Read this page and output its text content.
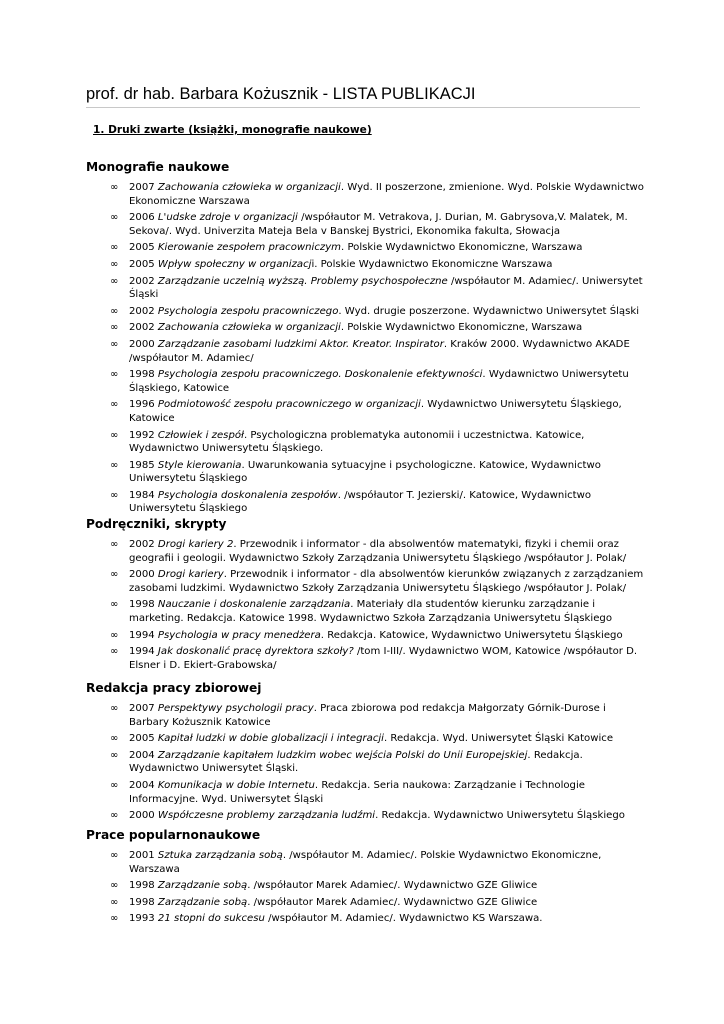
prof. dr hab. Barbara Kożusznik - LISTA PUBLIKACJI
1. Druki zwarte (książki, monografie naukowe)
Monografie naukowe
∞ 2007 Zachowania człowieka w organizacji. Wyd. II poszerzone, zmienione. Wyd. Polskie Wydawnictwo Ekonomiczne Warszawa
∞ 2006 L'udske zdroje v organizacji /współautor M. Vetrakova, J. Durian, M. Gabrysova,V. Malatek, M. Sekova/. Wyd. Univerzita Mateja Bela v Banskej Bystrici, Ekonomika fakulta, Słowacja
∞ 2005 Kierowanie zespołem pracowniczym. Polskie Wydawnictwo Ekonomiczne, Warszawa
∞ 2005 Wpływ społeczny w organizacji. Polskie Wydawnictwo Ekonomiczne Warszawa
∞ 2002 Zarządzanie uczelnią wyższą. Problemy psychospołeczne /współautor M. Adamiec/. Uniwersytet Śląski
∞ 2002 Psychologia zespołu pracowniczego. Wyd. drugie poszerzone. Wydawnictwo Uniwersytet Śląski
∞ 2002 Zachowania człowieka w organizacji. Polskie Wydawnictwo Ekonomiczne, Warszawa
∞ 2000 Zarządzanie zasobami ludzkimi Aktor. Kreator. Inspirator. Kraków 2000. Wydawnictwo AKADE /współautor M. Adamiec/
∞ 1998 Psychologia zespołu pracowniczego. Doskonalenie efektywności. Wydawnictwo Uniwersytetu Śląskiego, Katowice
∞ 1996 Podmiotowość zespołu pracowniczego w organizacji. Wydawnictwo Uniwersytetu Śląskiego, Katowice
∞ 1992 Człowiek i zespół. Psychologiczna problematyka autonomii i uczestnictwa. Katowice, Wydawnictwo Uniwersytetu Śląskiego.
∞ 1985 Style kierowania. Uwarunkowania sytuacyjne i psychologiczne. Katowice, Wydawnictwo Uniwersytetu Śląskiego
∞ 1984 Psychologia doskonalenia zespołów. /współautor T. Jezierski/. Katowice, Wydawnictwo Uniwersytetu Śląskiego
Podręczniki, skrypty
∞ 2002 Drogi kariery 2. Przewodnik i informator - dla absolwentów matematyki, fizyki i chemii oraz geografii i geologii. Wydawnictwo Szkoły Zarządzania Uniwersytetu Śląskiego /współautor J. Polak/
∞ 2000 Drogi kariery. Przewodnik i informator - dla absolwentów kierunków związanych z zarządzaniem zasobami ludzkimi. Wydawnictwo Szkoły Zarządzania Uniwersytetu Śląskiego /współautor J. Polak/
∞ 1998 Nauczanie i doskonalenie zarządzania. Materiały dla studentów kierunku zarządzanie i marketing. Redakcja. Katowice 1998. Wydawnictwo Szkoła Zarządzania Uniwersytetu Śląskiego
∞ 1994 Psychologia w pracy menedżera. Redakcja. Katowice, Wydawnictwo Uniwersytetu Śląskiego
∞ 1994 Jak doskonalić pracę dyrektora szkoły? /tom I-III/. Wydawnictwo WOM, Katowice /współautor D. Elsner i D. Ekiert-Grabowska/
Redakcja pracy zbiorowej
∞ 2007 Perspektywy psychologii pracy. Praca zbiorowa pod redakcja Małgorzaty Górnik-Durose i Barbary Kożusznik Katowice
∞ 2005 Kapitał ludzki w dobie globalizacji i integracji. Redakcja. Wyd. Uniwersytet Śląski Katowice
∞ 2004 Zarządzanie kapitałem ludzkim wobec wejścia Polski do Unii Europejskiej. Redakcja. Wydawnictwo Uniwersytet Śląski.
∞ 2004 Komunikacja w dobie Internetu. Redakcja. Seria naukowa: Zarządzanie i Technologie Informacyjne. Wyd. Uniwersytet Śląski
∞ 2000 Współczesne problemy zarządzania ludźmi. Redakcja. Wydawnictwo Uniwersytetu Śląskiego
Prace popularnonaukowe
∞ 2001 Sztuka zarządzania sobą. /współautor M. Adamiec/. Polskie Wydawnictwo Ekonomiczne, Warszawa
∞ 1998 Zarządzanie sobą. /współautor Marek Adamiec/. Wydawnictwo GZE Gliwice
∞ 1998 Zarządzanie sobą. /współautor Marek Adamiec/. Wydawnictwo GZE Gliwice
∞ 1993 21 stopni do sukcesu /współautor M. Adamiec/. Wydawnictwo KS Warszawa.
